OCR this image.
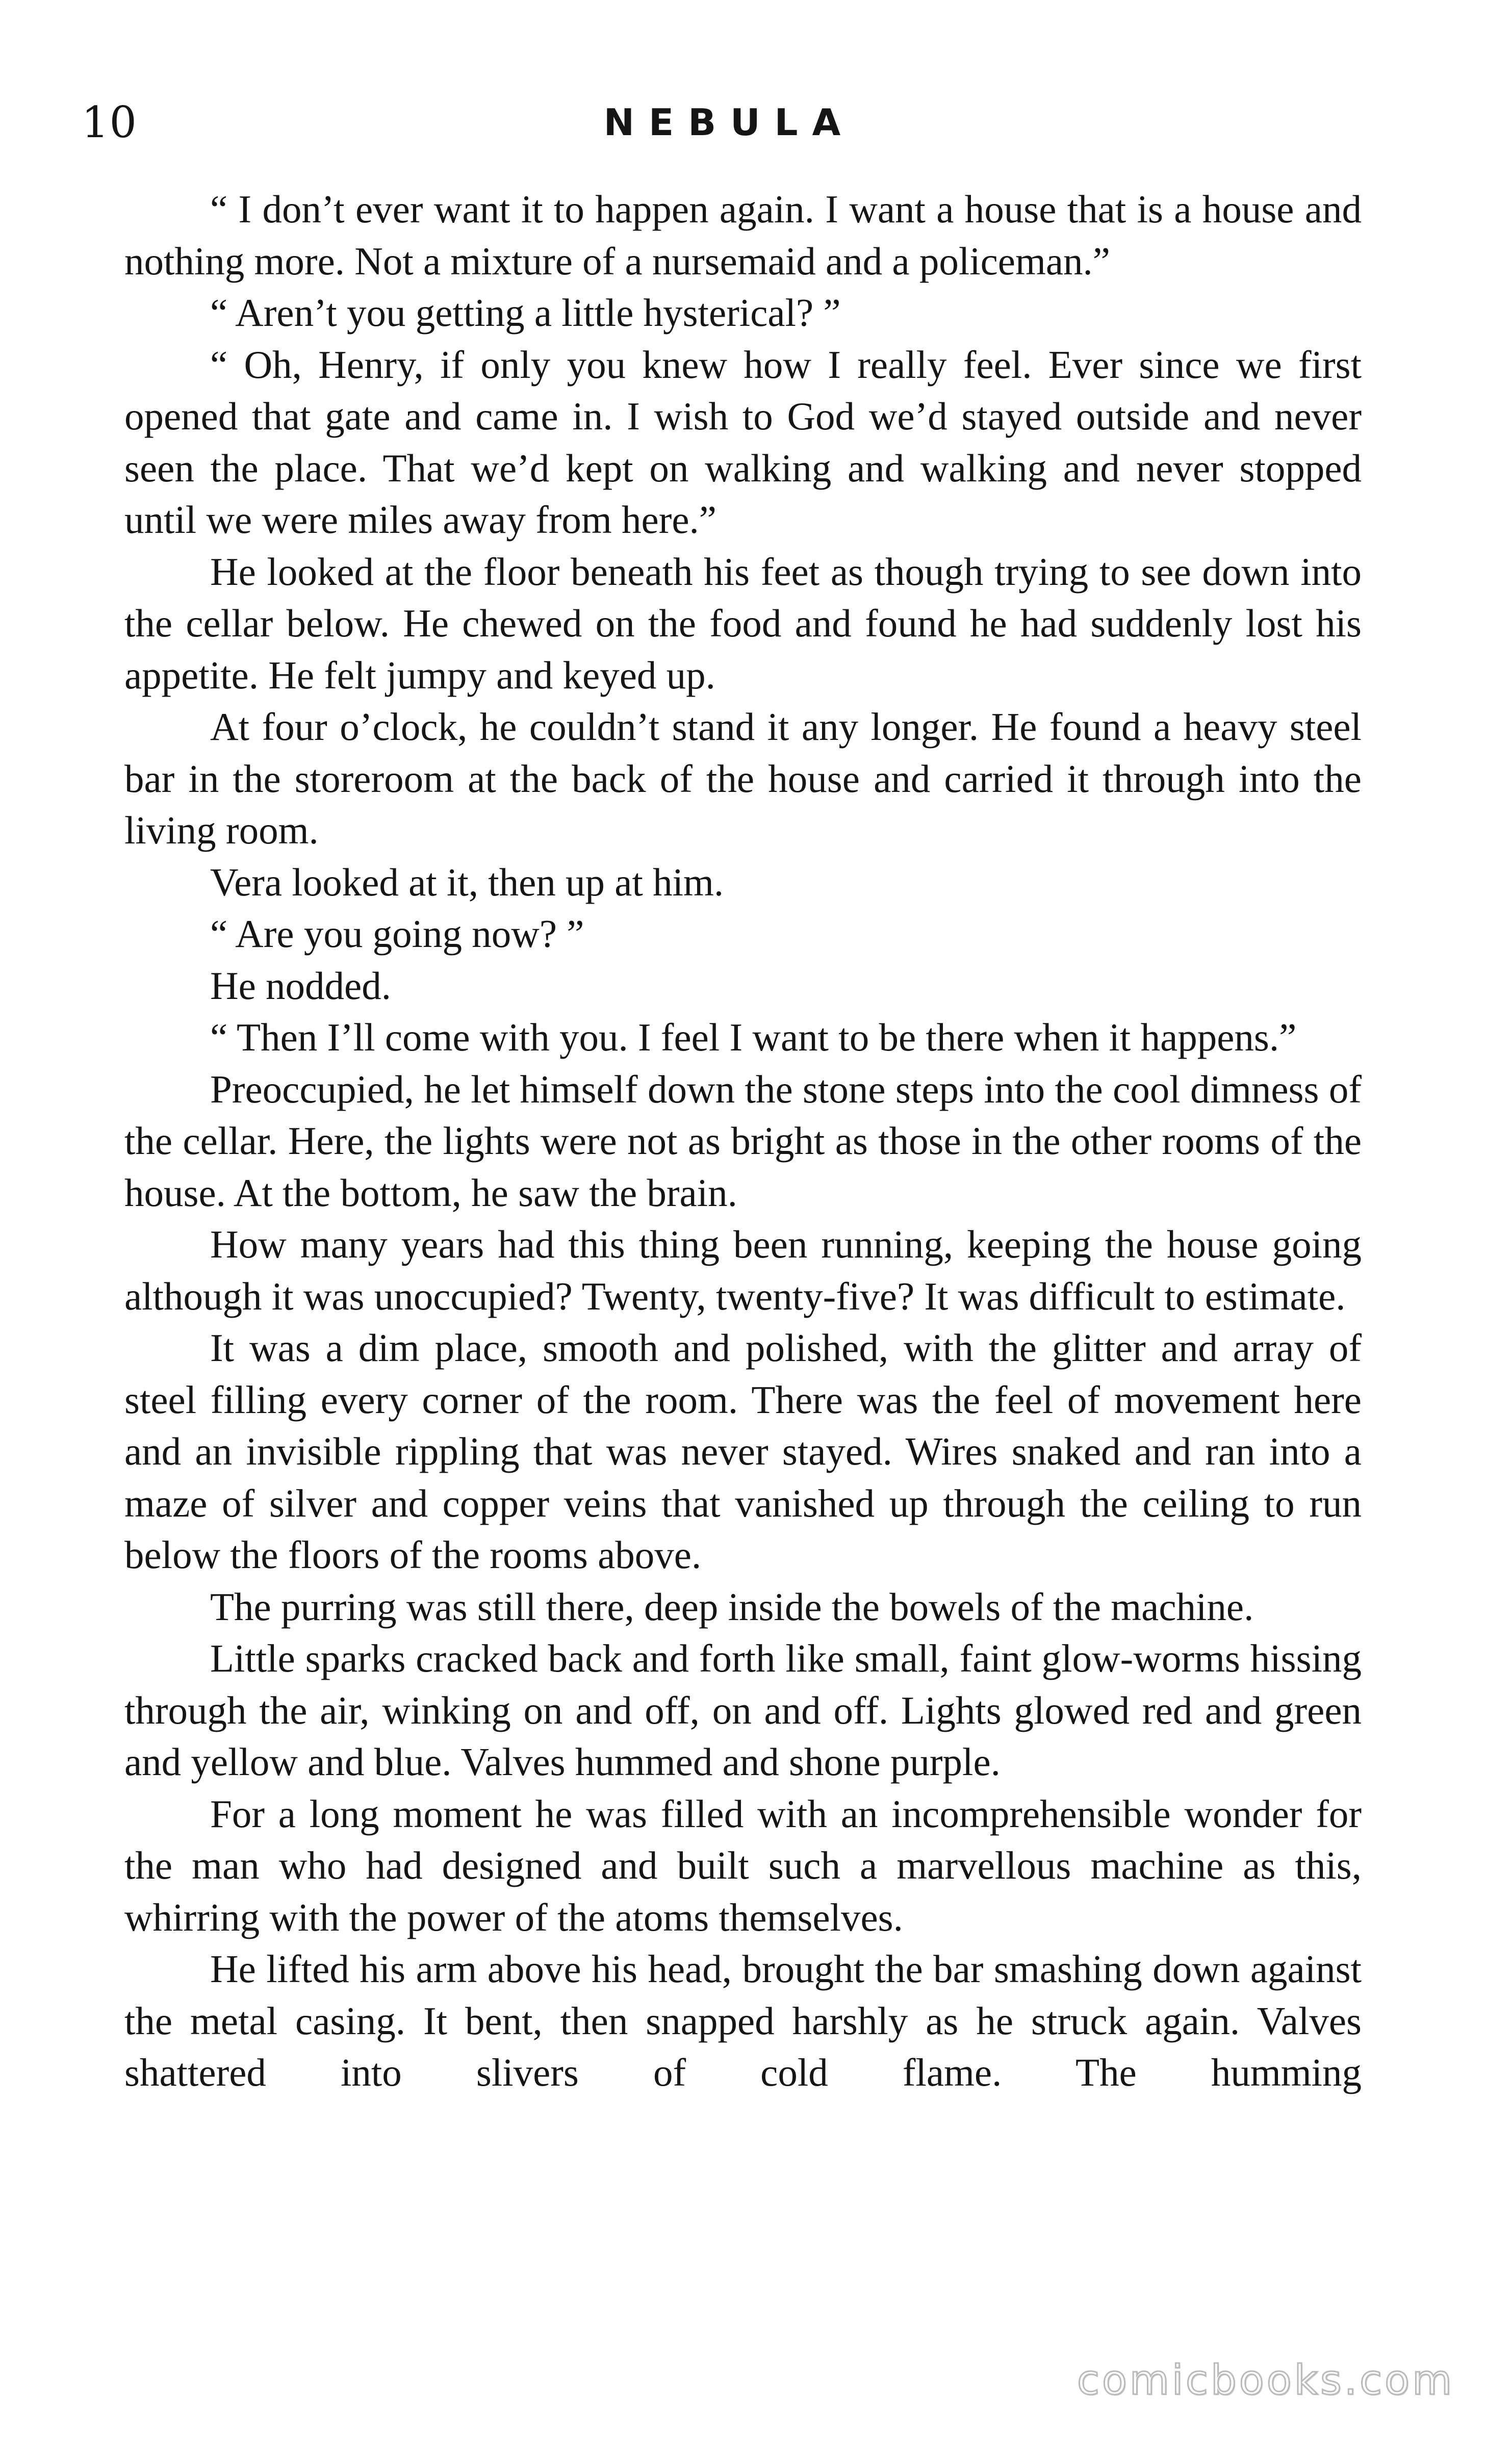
10	NEBULA

“ I don’t ever want it to happen again. I want a house that is a house and nothing more. Not a mixture of a nursemaid and a policeman.”

“ Aren’t you getting a little hysterical? ”

“ Oh, Henry, if only you knew how I really feel. Ever since we first opened that gate and came in. I wish to God we’d stayed outside and never seen the place. That we’d kept on walking and walking and never stopped until we were miles away from here.”

He looked at the floor beneath his feet as though trying to see down into the cellar below. He chewed on the food and found he had suddenly lost his appetite. He felt jumpy and keyed up.

At four o’clock, he couldn’t stand it any longer. He found a heavy steel bar in the storeroom at the back of the house and carried it through into the living room.

Vera looked at it, then up at him.

“ Are you going now? ”

He nodded.

“ Then I’ll come with you. I feel I want to be there when it happens.”

Preoccupied, he let himself down the stone steps into the cool dimness of the cellar. Here, the lights were not as bright as those in the other rooms of the house. At the bottom, he saw the brain.

How many years had this thing been running, keeping the house going although it was unoccupied? Twenty, twenty-five? It was difficult to estimate.

It was a dim place, smooth and polished, with the glitter and array of steel filling every corner of the room. There was the feel of movement here and an invisible rippling that was never stayed. Wires snaked and ran into a maze of silver and copper veins that vanished up through the ceiling to run below the floors of the rooms above.

The purring was still there, deep inside the bowels of the machine.

Little sparks cracked back and forth like small, faint glow-worms hissing through the air, winking on and off, on and off. Lights glowed red and green and yellow and blue. Valves hummed and shone purple.

For a long moment he was filled with an incomprehensible wonder for the man who had designed and built such a marvellous machine as this, whirring with the power of the atoms themselves.

He lifted his arm above his head, brought the bar smashing down against the metal casing. It bent, then snapped harshly as he struck again. Valves shattered into slivers of cold flame. The humming

comicbooks.com
